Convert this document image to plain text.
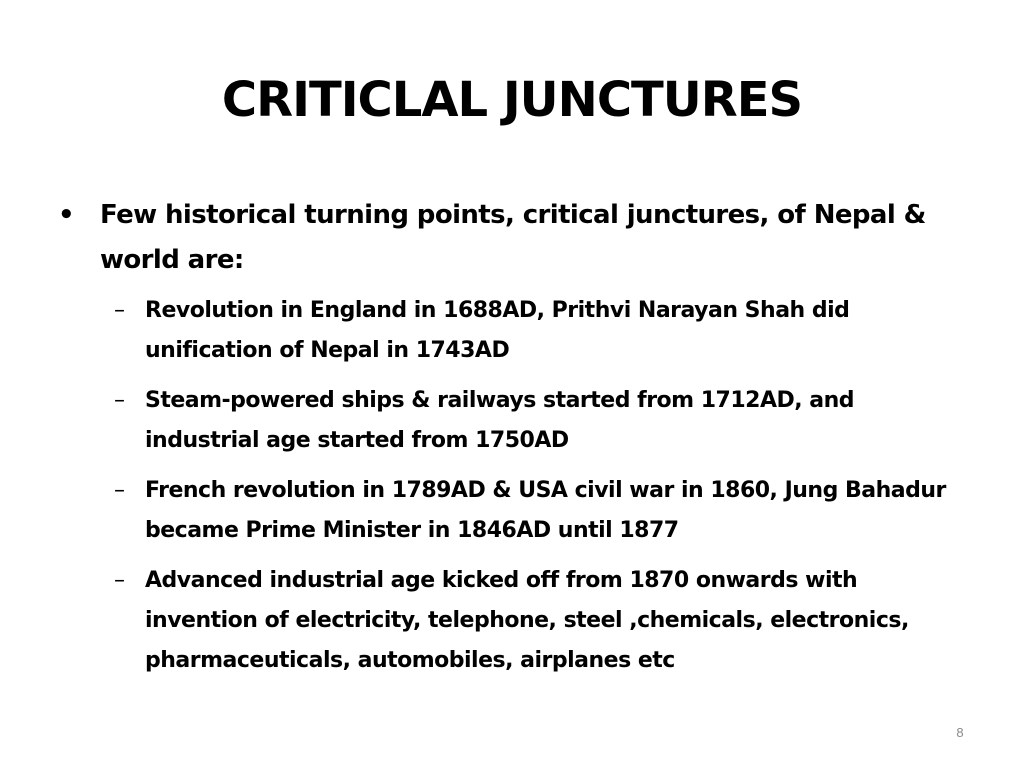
CRITICLAL JUNCTURES
• Few historical turning points, critical junctures, of Nepal & world are:
– Revolution in England in 1688AD, Prithvi Narayan Shah did unification of Nepal in 1743AD
– Steam-powered ships & railways started from 1712AD, and industrial age started from 1750AD
– French revolution in 1789AD & USA civil war in 1860, Jung Bahadur became Prime Minister in 1846AD until 1877
– Advanced industrial age kicked off from 1870 onwards with invention of electricity, telephone, steel ,chemicals, electronics, pharmaceuticals, automobiles, airplanes etc
8
